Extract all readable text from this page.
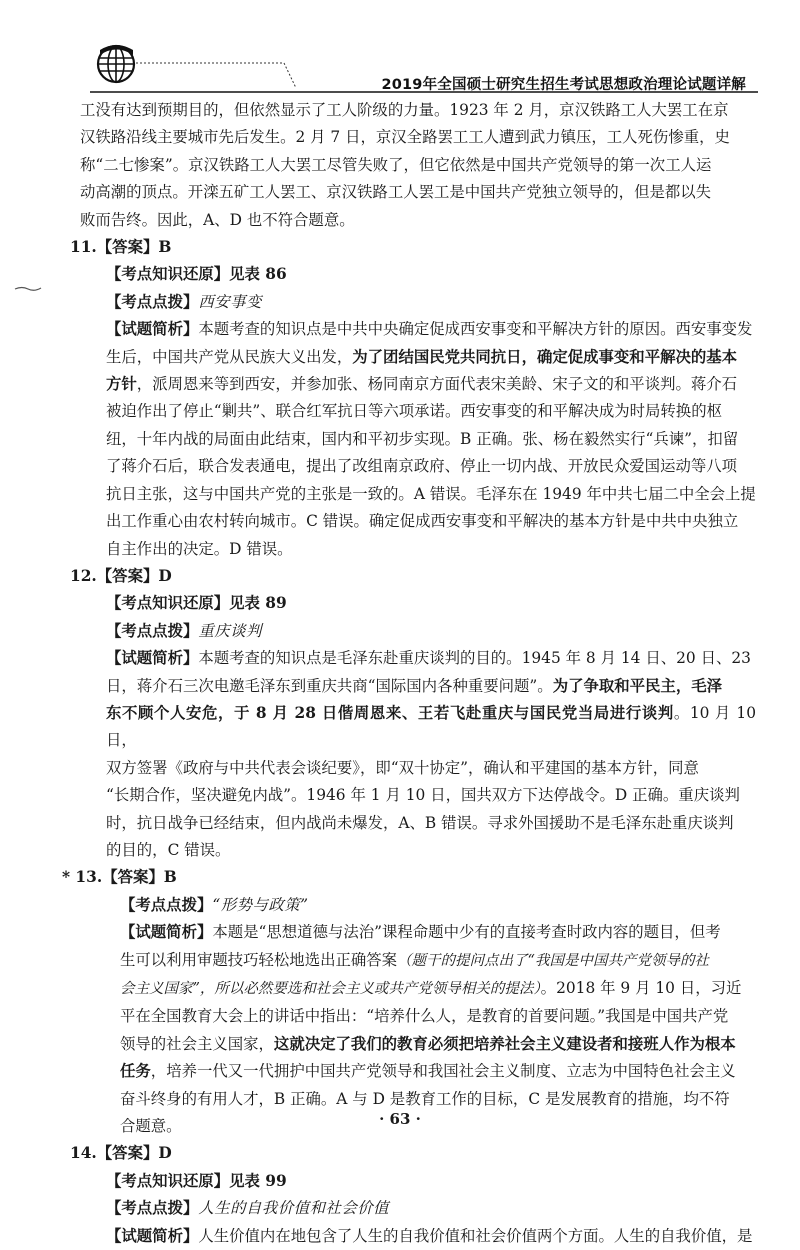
2019年全国硕士研究生招生考试思想政治理论试题详解

工没有达到预期目的，但依然显示了工人阶级的力量。1923 年 2 月，京汉铁路工人大罢工在京

汉铁路沿线主要城市先后发生。2 月 7 日，京汉全路罢工工人遭到武力镇压，工人死伤惨重，史

称“二七惨案”。京汉铁路工人大罢工尽管失败了，但它依然是中国共产党领导的第一次工人运

动高潮的顶点。开滦五矿工人罢工、京汉铁路工人罢工是中国共产党独立领导的，但是都以失

败而告终。因此，A、D 也不符合题意。

11.【答案】B

【考点知识还原】见表 86

【考点点拨】西安事变

【试题简析】本题考查的知识点是中共中央确定促成西安事变和平解决方针的原因。西安事变发

生后，中国共产党从民族大义出发，为了团结国民党共同抗日，确定促成事变和平解决的基本

方针，派周恩来等到西安，并参加张、杨同南京方面代表宋美龄、宋子文的和平谈判。蒋介石

被迫作出了停止“剿共”、联合红军抗日等六项承诺。西安事变的和平解决成为时局转换的枢

纽，十年内战的局面由此结束，国内和平初步实现。B 正确。张、杨在毅然实行“兵谏”，扣留

了蒋介石后，联合发表通电，提出了改组南京政府、停止一切内战、开放民众爱国运动等八项

抗日主张，这与中国共产党的主张是一致的。A 错误。毛泽东在 1949 年中共七届二中全会上提

出工作重心由农村转向城市。C 错误。确定促成西安事变和平解决的基本方针是中共中央独立

自主作出的决定。D 错误。

12.【答案】D

【考点知识还原】见表 89

【考点点拨】重庆谈判

【试题简析】本题考查的知识点是毛泽东赴重庆谈判的目的。1945 年 8 月 14 日、20 日、23

日，蒋介石三次电邀毛泽东到重庆共商“国际国内各种重要问题”。为了争取和平民主，毛泽

东不顾个人安危，于 8 月 28 日偕周恩来、王若飞赴重庆与国民党当局进行谈判。10 月 10 日，

双方签署《政府与中共代表会谈纪要》，即“双十协定”，确认和平建国的基本方针，同意

“长期合作，坚决避免内战”。1946 年 1 月 10 日，国共双方下达停战令。D 正确。重庆谈判

时，抗日战争已经结束，但内战尚未爆发，A、B 错误。寻求外国援助不是毛泽东赴重庆谈判

的目的，C 错误。

* 13.【答案】B

【考点点拨】“形势与政策”

【试题简析】本题是“思想道德与法治”课程命题中少有的直接考查时政内容的题目，但考

生可以利用审题技巧轻松地选出正确答案（题干的提问点出了“我国是中国共产党领导的社

会主义国家”，所以必然要选和社会主义或共产党领导相关的提法）。2018 年 9 月 10 日，习近

平在全国教育大会上的讲话中指出：“培养什么人，是教育的首要问题。”我国是中国共产党

领导的社会主义国家，这就决定了我们的教育必须把培养社会主义建设者和接班人作为根本

任务，培养一代又一代拥护中国共产党领导和我国社会主义制度、立志为中国特色社会主义

奋斗终身的有用人才，B 正确。A 与 D 是教育工作的目标，C 是发展教育的措施，均不符

合题意。

14.【答案】D

【考点知识还原】见表 99

【考点点拨】人生的自我价值和社会价值

【试题简析】人生价值内在地包含了人生的自我价值和社会价值两个方面。人生的自我价值，是

· 63 ·
